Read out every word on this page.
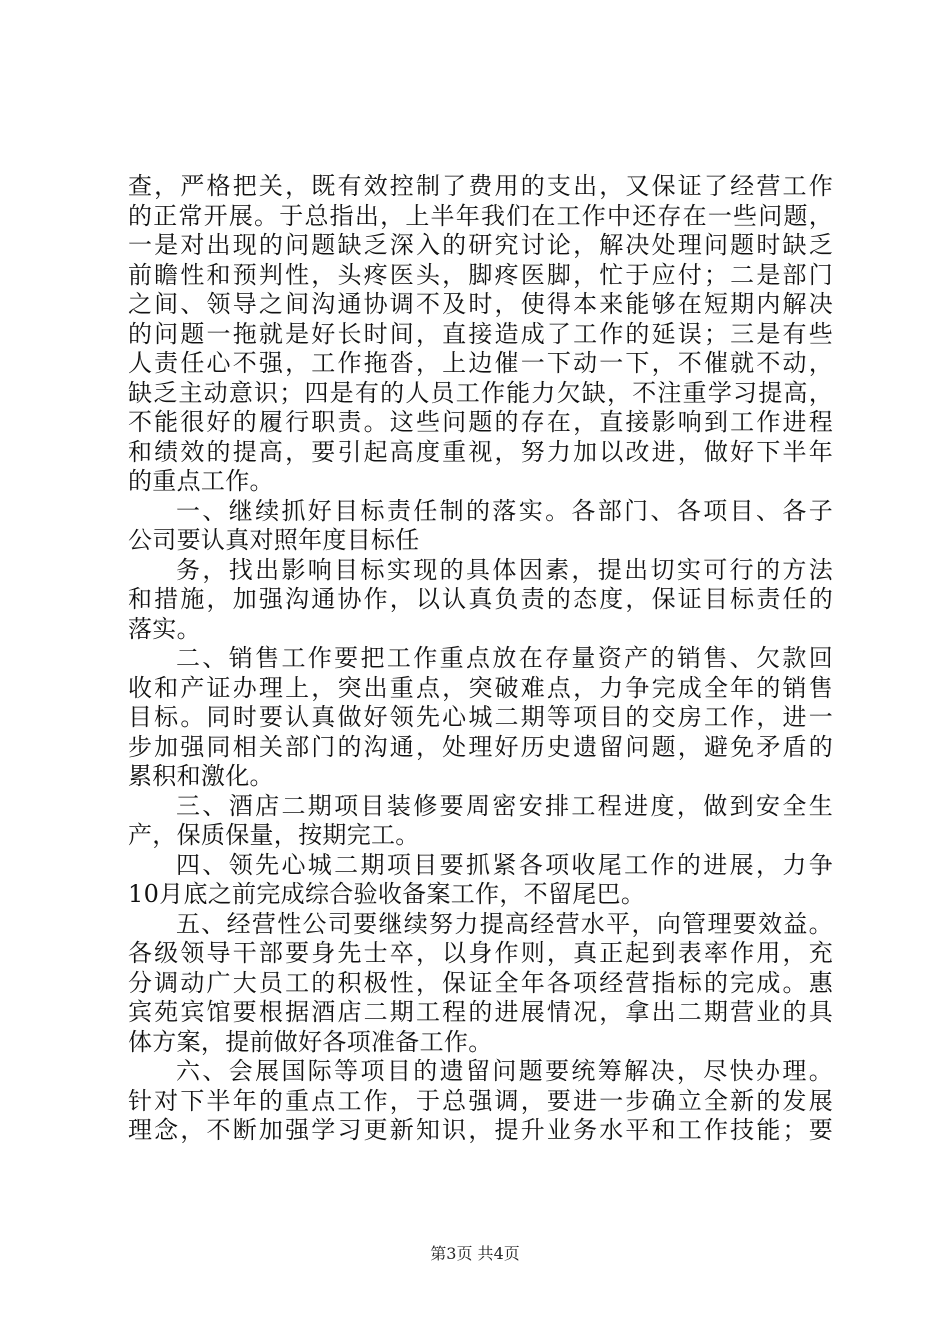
查，严格把关，既有效控制了费用的支出，又保证了经营工作
的正常开展。于总指出，上半年我们在工作中还存在一些问题，
一是对出现的问题缺乏深入的研究讨论，解决处理问题时缺乏
前瞻性和预判性，头疼医头，脚疼医脚，忙于应付；二是部门
之间、领导之间沟通协调不及时，使得本来能够在短期内解决
的问题一拖就是好长时间，直接造成了工作的延误；三是有些
人责任心不强，工作拖沓，上边催一下动一下，不催就不动，
缺乏主动意识；四是有的人员工作能力欠缺，不注重学习提高，
不能很好的履行职责。这些问题的存在，直接影响到工作进程
和绩效的提高，要引起高度重视，努力加以改进，做好下半年
的重点工作。
一、继续抓好目标责任制的落实。各部门、各项目、各子
公司要认真对照年度目标任
务，找出影响目标实现的具体因素，提出切实可行的方法
和措施，加强沟通协作，以认真负责的态度，保证目标责任的
落实。
二、销售工作要把工作重点放在存量资产的销售、欠款回
收和产证办理上，突出重点，突破难点，力争完成全年的销售
目标。同时要认真做好领先心城二期等项目的交房工作，进一
步加强同相关部门的沟通，处理好历史遗留问题，避免矛盾的
累积和激化。
三、酒店二期项目装修要周密安排工程进度，做到安全生
产，保质保量，按期完工。
四、领先心城二期项目要抓紧各项收尾工作的进展，力争
10月底之前完成综合验收备案工作，不留尾巴。
五、经营性公司要继续努力提高经营水平，向管理要效益。
各级领导干部要身先士卒，以身作则，真正起到表率作用，充
分调动广大员工的积极性，保证全年各项经营指标的完成。惠
宾苑宾馆要根据酒店二期工程的进展情况，拿出二期营业的具
体方案，提前做好各项准备工作。
六、会展国际等项目的遗留问题要统筹解决，尽快办理。
针对下半年的重点工作，于总强调，要进一步确立全新的发展
理念，不断加强学习更新知识，提升业务水平和工作技能；要
第3页 共4页
